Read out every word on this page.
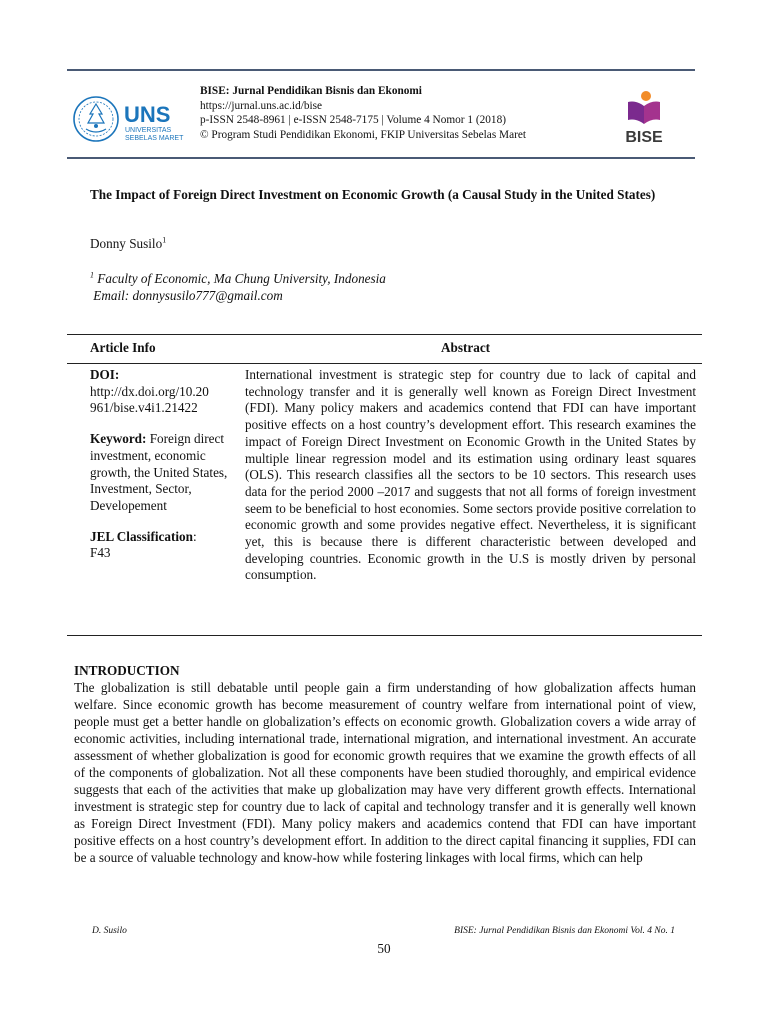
UNS
UNIVERSITAS
SEBELAS MARET
BISE: Jurnal Pendidikan Bisnis dan Ekonomi
https://jurnal.uns.ac.id/bise
p-ISSN 2548-8961 | e-ISSN 2548-7175 | Volume 4 Nomor 1 (2018)
© Program Studi Pendidikan Ekonomi, FKIP Universitas Sebelas Maret	BISE
The Impact of Foreign Direct Investment on Economic Growth (a Causal Study in the United States)
Donny Susilo$^1$
$^1$ Faculty of Economic, Ma Chung University, Indonesia
Email: donnysusilo777@gmail.com
Article Info	Abstract

DOI:
http://dx.doi.org/10.20
961/bise.v4i1.21422

Keyword: Foreign direct investment, economic growth, the United States, Investment, Sector, Developement

JEL Classification:
F43

International investment is strategic step for country due to lack of capital and technology transfer and it is generally well known as Foreign Direct Investment (FDI). Many policy makers and academics contend that FDI can have important positive effects on a host country’s development effort. This research examines the impact of Foreign Direct Investment on Economic Growth in the United States by multiple linear regression model and its estimation using ordinary least squares (OLS). This research classifies all the sectors to be 10 sectors. This research uses data for the period 2000 –2017 and suggests that not all forms of foreign investment seem to be beneficial to host economies. Some sectors provide positive correlation to economic growth and some provides negative effect. Nevertheless, it is significant yet, this is because there is different characteristic between developed and developing countries. Economic growth in the U.S is mostly driven by personal consumption.
INTRODUCTION
The globalization is still debatable until people gain a firm understanding of how globalization affects human welfare. Since economic growth has become measurement of country welfare from international point of view, people must get a better handle on globalization’s effects on economic growth. Globalization covers a wide array of economic activities, including international trade, international migration, and international investment. An accurate assessment of whether globalization is good for economic growth requires that we examine the growth effects of all of the components of globalization. Not all these components have been studied thoroughly, and empirical evidence suggests that each of the activities that make up globalization may have very different growth effects. International investment is strategic step for country due to lack of capital and technology transfer and it is generally well known as Foreign Direct Investment (FDI). Many policy makers and academics contend that FDI can have important positive effects on a host country’s development effort. In addition to the direct capital financing it supplies, FDI can be a source of valuable technology and know-how while fostering linkages with local firms, which can help
D. Susilo	BISE: Jurnal Pendidikan Bisnis dan Ekonomi Vol. 4 No. 1
50
